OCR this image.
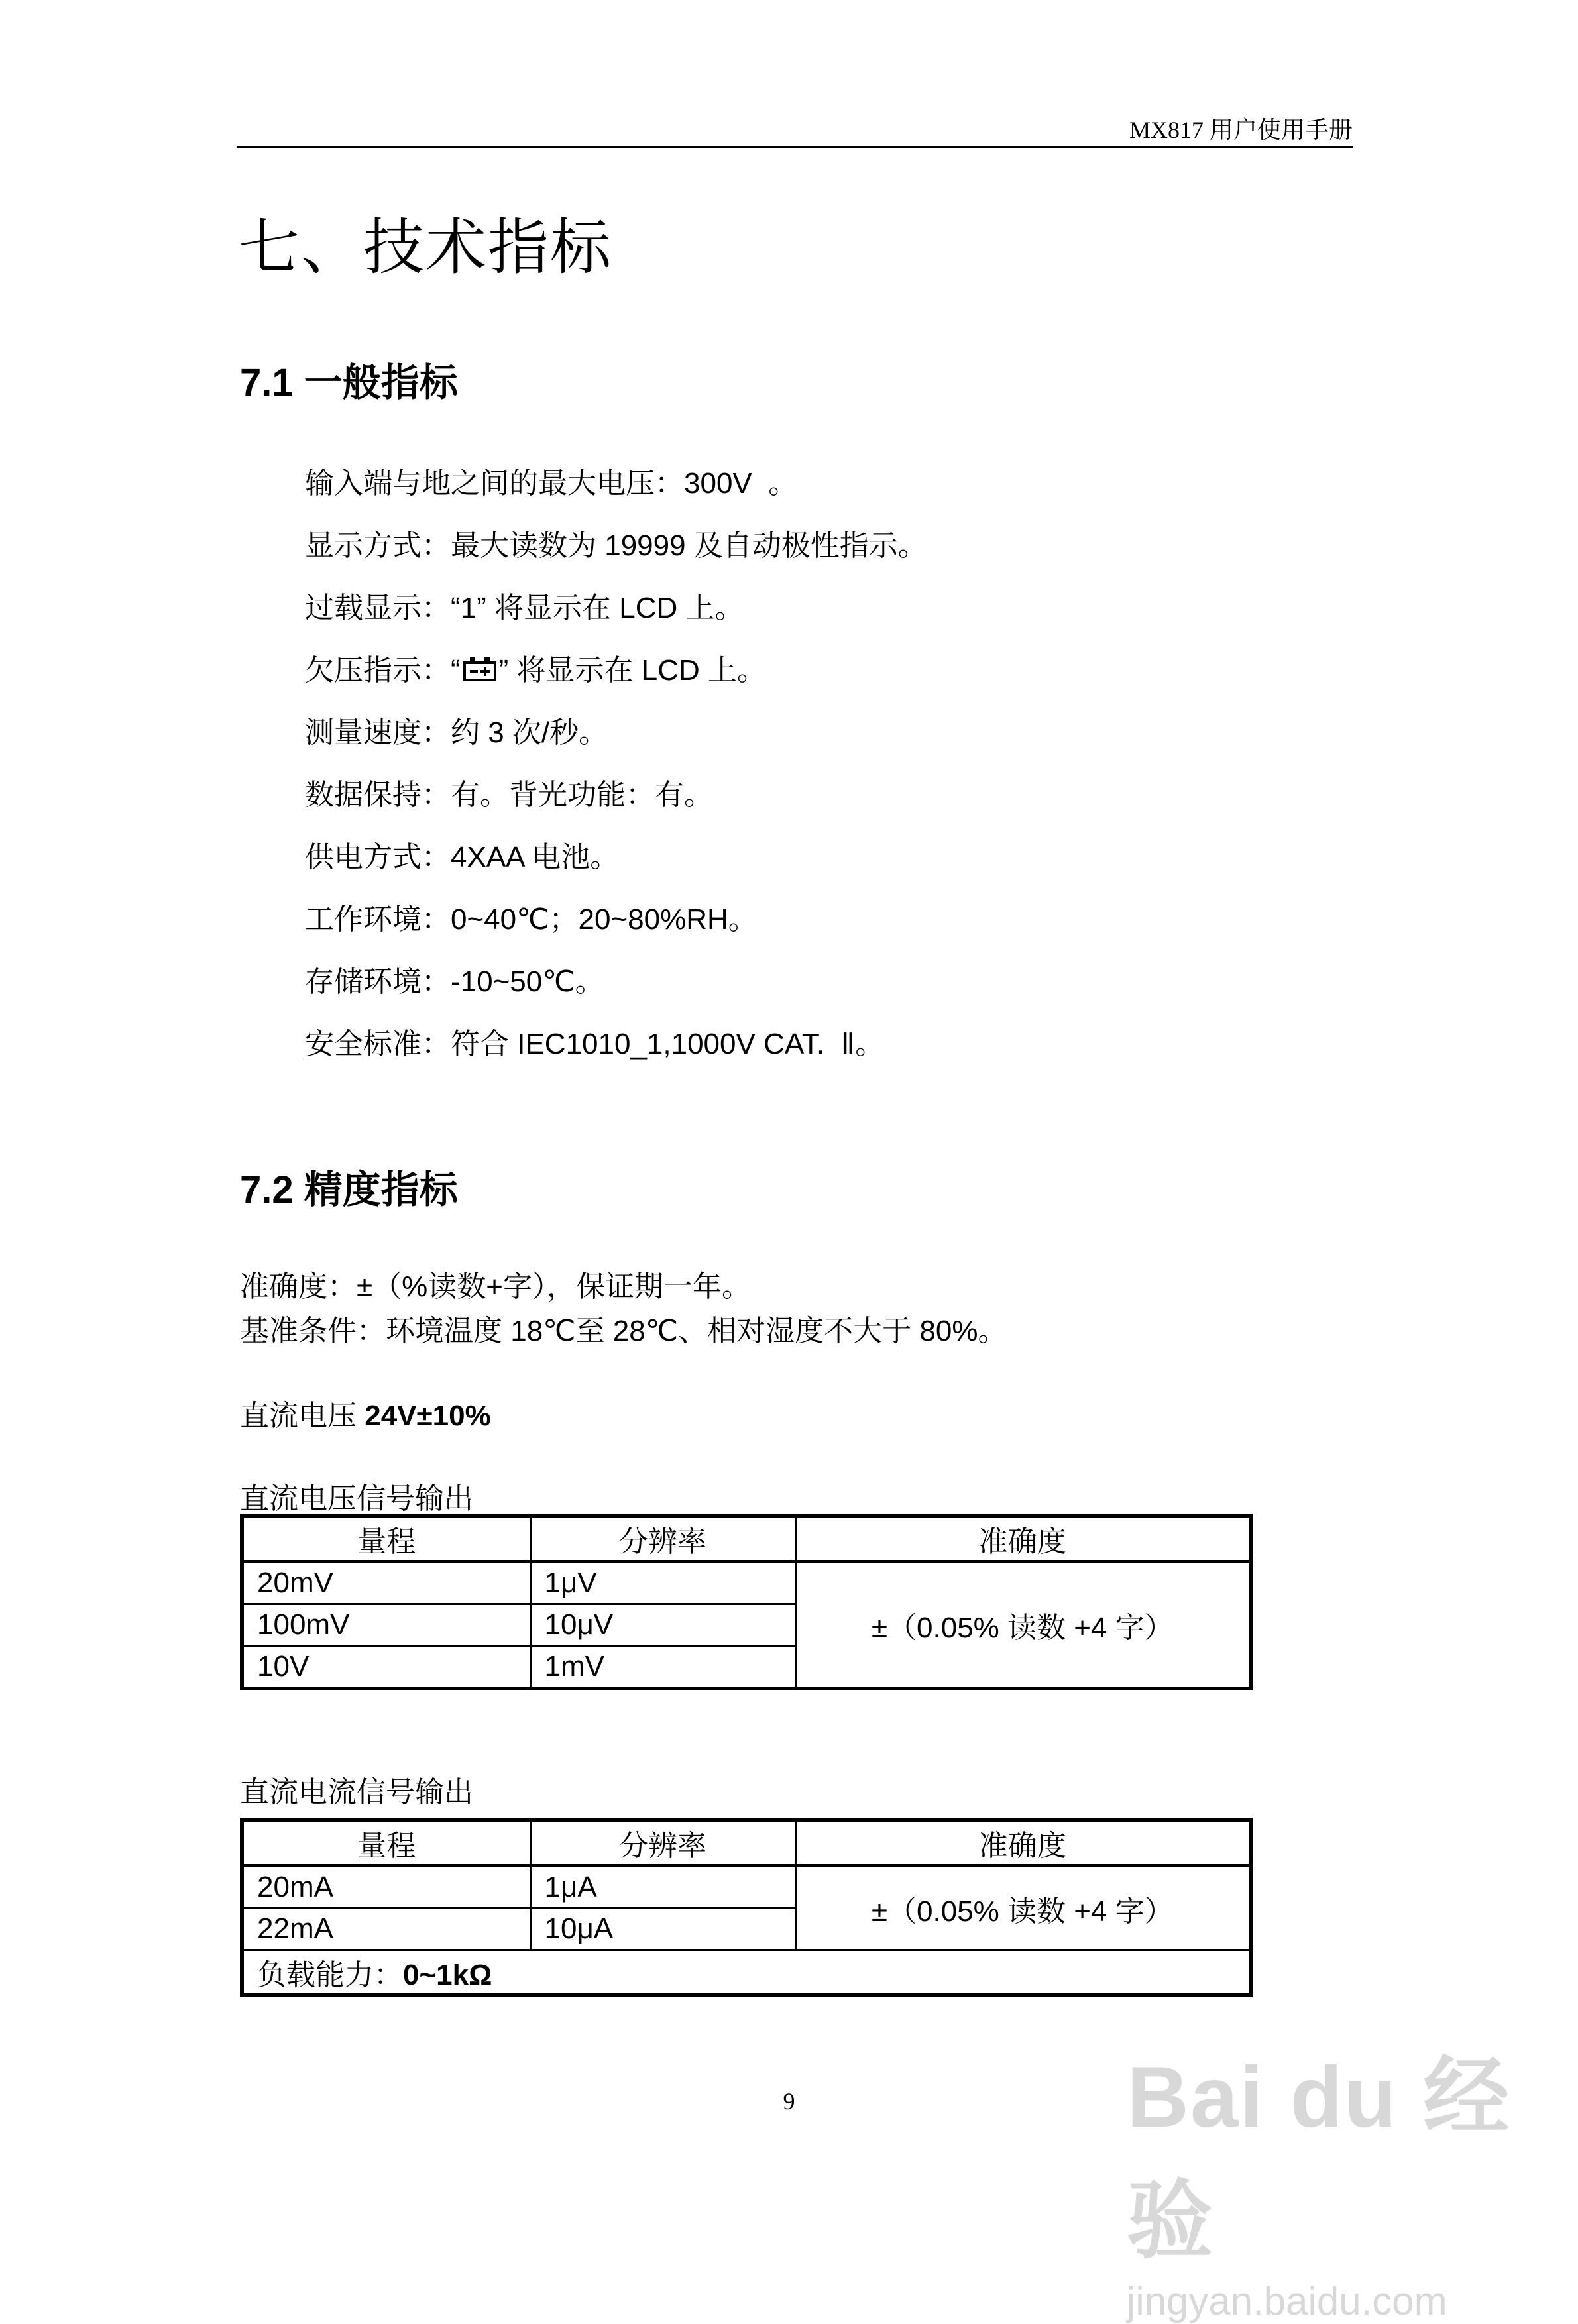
MX817 用户使用手册
七、技术指标
7.1 一般指标
输入端与地之间的最大电压：300V  。
显示方式：最大读数为 19999 及自动极性指示。
过载显示：“1” 将显示在 LCD 上。
欠压指示：“ ” 将显示在 LCD 上。
测量速度：约 3 次/秒。
数据保持：有。背光功能：有。
供电方式：4XAA 电池。
工作环境：0~40℃；20~80%RH。
存储环境：-10~50℃。
安全标准：符合 IEC1010_1,1000V CAT.  Ⅱ。
7.2 精度指标
准确度：±（%读数+字），保证期一年。
基准条件：环境温度 18℃至 28℃、相对湿度不大于 80%。
直流电压 24V±10%
直流电压信号输出
量程	分辨率	准确度
20mV	1μV	±（0.05% 读数 +4 字）
100mV	10μV	
10V	1mV	
直流电流信号输出
量程	分辨率	准确度
20mA	1μA	±（0.05% 读数 +4 字）
22mA	10μA	
负载能力：0~1kΩ		
9	Bai du 经验
jingyan.baidu.com
